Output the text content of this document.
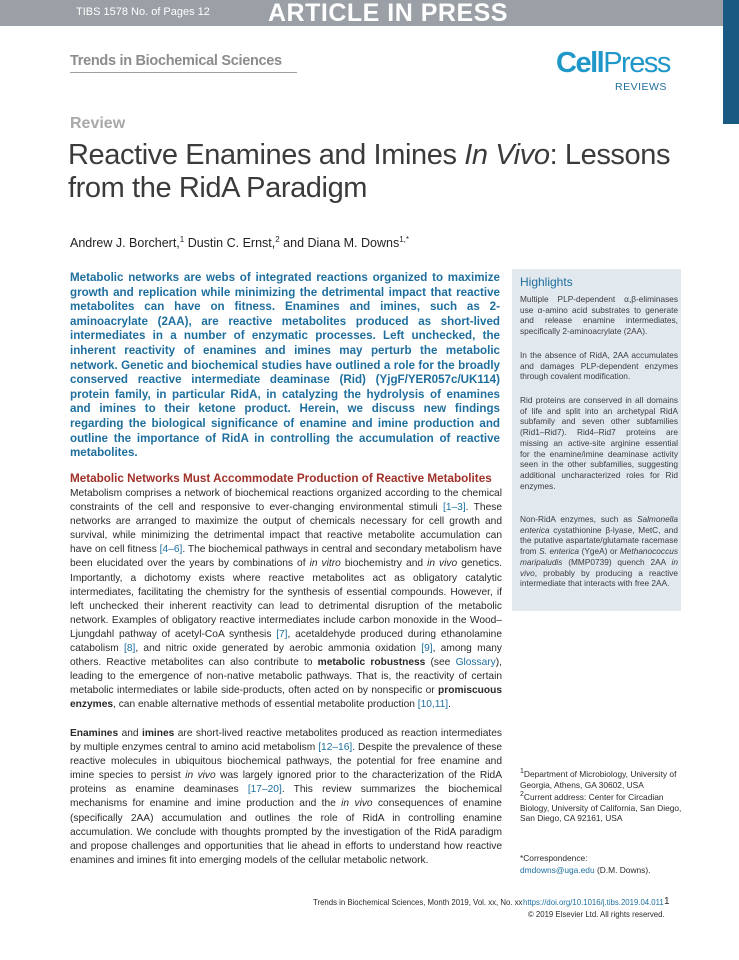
TIBS 1578 No. of Pages 12 ARTICLE IN PRESS
Trends in Biochemical Sciences	CellPress
REVIEWS
Review
Reactive Enamines and Imines In Vivo: Lessons from the RidA Paradigm
Andrew J. Borchert,$^1$ Dustin C. Ernst,$^2$ and Diana M. Downs$^{1,*}$
Metabolic networks are webs of integrated reactions organized to maximize growth and replication while minimizing the detrimental impact that reactive metabolites can have on fitness. Enamines and imines, such as 2-aminoacrylate (2AA), are reactive metabolites produced as short-lived intermediates in a number of enzymatic processes. Left unchecked, the inherent reactivity of enamines and imines may perturb the metabolic network. Genetic and biochemical studies have outlined a role for the broadly conserved reactive intermediate deaminase (Rid) (YjgF/YER057c/UK114) protein family, in particular RidA, in catalyzing the hydrolysis of enamines and imines to their ketone product. Herein, we discuss new findings regarding the biological significance of enamine and imine production and outline the importance of RidA in controlling the accumulation of reactive metabolites.
Highlights
Multiple PLP-dependent α,β-eliminases use α-amino acid substrates to generate and release enamine intermediates, specifically 2-aminoacrylate (2AA).
In the absence of RidA, 2AA accumulates and damages PLP-dependent enzymes through covalent modification.
Rid proteins are conserved in all domains of life and split into an archetypal RidA subfamily and seven other subfamilies (Rid1–Rid7). Rid4–Rid7 proteins are missing an active-site arginine essential for the enamine/imine deaminase activity seen in the other subfamilies, suggesting additional uncharacterized roles for Rid enzymes.
Non-RidA enzymes, such as Salmonella enterica cystathionine β-lyase, MetC, and the putative aspartate/glutamate racemase from S. enterica (YgeA) or Methanococcus maripaludis (MMP0739) quench 2AA in vivo, probably by producing a reactive intermediate that interacts with free 2AA.
Metabolic Networks Must Accommodate Production of Reactive Metabolites
Metabolism comprises a network of biochemical reactions organized according to the chemical constraints of the cell and responsive to ever-changing environmental stimuli [1–3]. These networks are arranged to maximize the output of chemicals necessary for cell growth and survival, while minimizing the detrimental impact that reactive metabolite accumulation can have on cell fitness [4–6]. The biochemical pathways in central and secondary metabolism have been elucidated over the years by combinations of in vitro biochemistry and in vivo genetics. Importantly, a dichotomy exists where reactive metabolites act as obligatory catalytic intermediates, facilitating the chemistry for the synthesis of essential compounds. However, if left unchecked their inherent reactivity can lead to detrimental disruption of the metabolic network. Examples of obligatory reactive intermediates include carbon monoxide in the Wood–Ljungdahl pathway of acetyl-CoA synthesis [7], acetaldehyde produced during ethanolamine catabolism [8], and nitric oxide generated by aerobic ammonia oxidation [9], among many others. Reactive metabolites can also contribute to metabolic robustness (see Glossary), leading to the emergence of non-native metabolic pathways. That is, the reactivity of certain metabolic intermediates or labile side-products, often acted on by nonspecific or promiscuous enzymes, can enable alternative methods of essential metabolite production [10,11].
Enamines and imines are short-lived reactive metabolites produced as reaction intermediates by multiple enzymes central to amino acid metabolism [12–16]. Despite the prevalence of these reactive molecules in ubiquitous biochemical pathways, the potential for free enamine and imine species to persist in vivo was largely ignored prior to the characterization of the RidA proteins as enamine deaminases [17–20]. This review summarizes the biochemical mechanisms for enamine and imine production and the in vivo consequences of enamine (specifically 2AA) accumulation and outlines the role of RidA in controlling enamine accumulation. We conclude with thoughts prompted by the investigation of the RidA paradigm and propose challenges and opportunities that lie ahead in efforts to understand how reactive enamines and imines fit into emerging models of the cellular metabolic network.
$^1$Department of Microbiology, University of Georgia, Athens, GA 30602, USA
$^2$Current address: Center for Circadian Biology, University of California, San Diego, San Diego, CA 92161, USA
*Correspondence:
dmdowns@uga.edu (D.M. Downs).
Trends in Biochemical Sciences, Month 2019, Vol. xx, No. xx https://doi.org/10.1016/j.tibs.2019.04.011 1
© 2019 Elsevier Ltd. All rights reserved.
